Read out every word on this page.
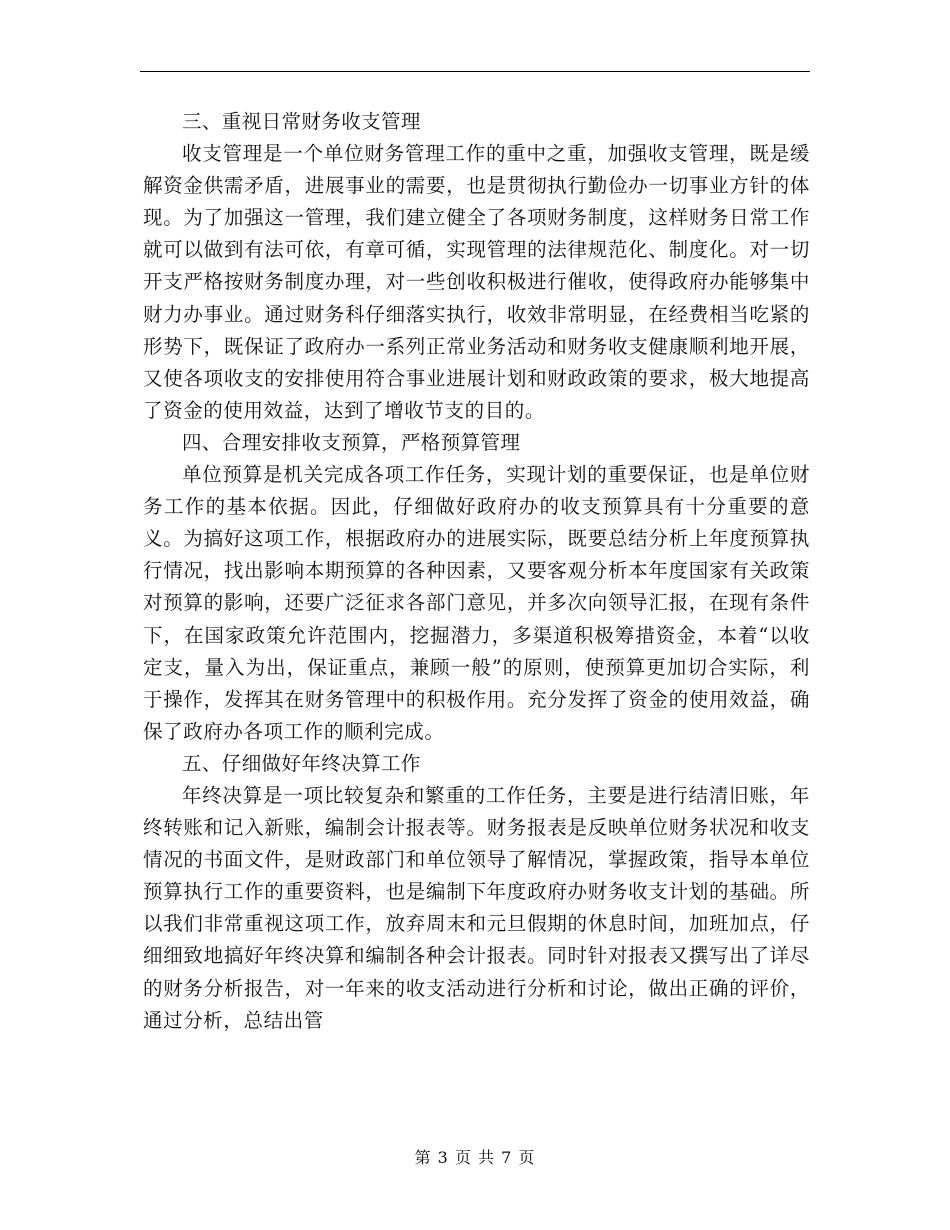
三、重视日常财务收支管理

收支管理是一个单位财务管理工作的重中之重，加强收支管理，既是缓解资金供需矛盾，进展事业的需要，也是贯彻执行勤俭办一切事业方针的体现。为了加强这一管理，我们建立健全了各项财务制度，这样财务日常工作就可以做到有法可依，有章可循，实现管理的法律规范化、制度化。对一切开支严格按财务制度办理，对一些创收积极进行催收，使得政府办能够集中财力办事业。通过财务科仔细落实执行，收效非常明显，在经费相当吃紧的形势下，既保证了政府办一系列正常业务活动和财务收支健康顺利地开展，又使各项收支的安排使用符合事业进展计划和财政政策的要求，极大地提高了资金的使用效益，达到了增收节支的目的。

四、合理安排收支预算，严格预算管理

单位预算是机关完成各项工作任务，实现计划的重要保证，也是单位财务工作的基本依据。因此，仔细做好政府办的收支预算具有十分重要的意义。为搞好这项工作，根据政府办的进展实际，既要总结分析上年度预算执行情况，找出影响本期预算的各种因素，又要客观分析本年度国家有关政策对预算的影响，还要广泛征求各部门意见，并多次向领导汇报，在现有条件下，在国家政策允许范围内，挖掘潜力，多渠道积极筹措资金，本着“以收定支，量入为出，保证重点，兼顾一般”的原则，使预算更加切合实际，利于操作，发挥其在财务管理中的积极作用。充分发挥了资金的使用效益，确保了政府办各项工作的顺利完成。

五、仔细做好年终决算工作

年终决算是一项比较复杂和繁重的工作任务，主要是进行结清旧账，年终转账和记入新账，编制会计报表等。财务报表是反映单位财务状况和收支情况的书面文件，是财政部门和单位领导了解情况，掌握政策，指导本单位预算执行工作的重要资料，也是编制下年度政府办财务收支计划的基础。所以我们非常重视这项工作，放弃周末和元旦假期的休息时间，加班加点，仔细细致地搞好年终决算和编制各种会计报表。同时针对报表又撰写出了详尽的财务分析报告，对一年来的收支活动进行分析和讨论，做出正确的评价，通过分析，总结出管

第 3 页 共 7 页
